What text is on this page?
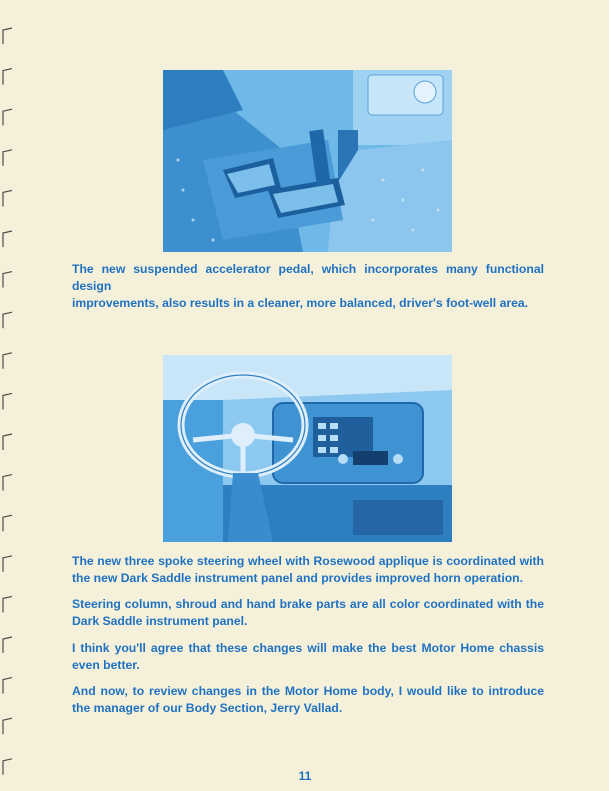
The new suspended accelerator pedal, which incorporates many functional design
improvements, also results in a cleaner, more balanced, driver's foot-well area.

The new three spoke steering wheel with Rosewood applique is coordinated with the new Dark Saddle instrument panel and provides improved horn operation.

Steering column, shroud and hand brake parts are all color coordinated with the Dark Saddle instrument panel.

I think you'll agree that these changes will make the best Motor Home chassis even better.

And now, to review changes in the Motor Home body, I would like to introduce the manager of our Body Section, Jerry Vallad.

11
